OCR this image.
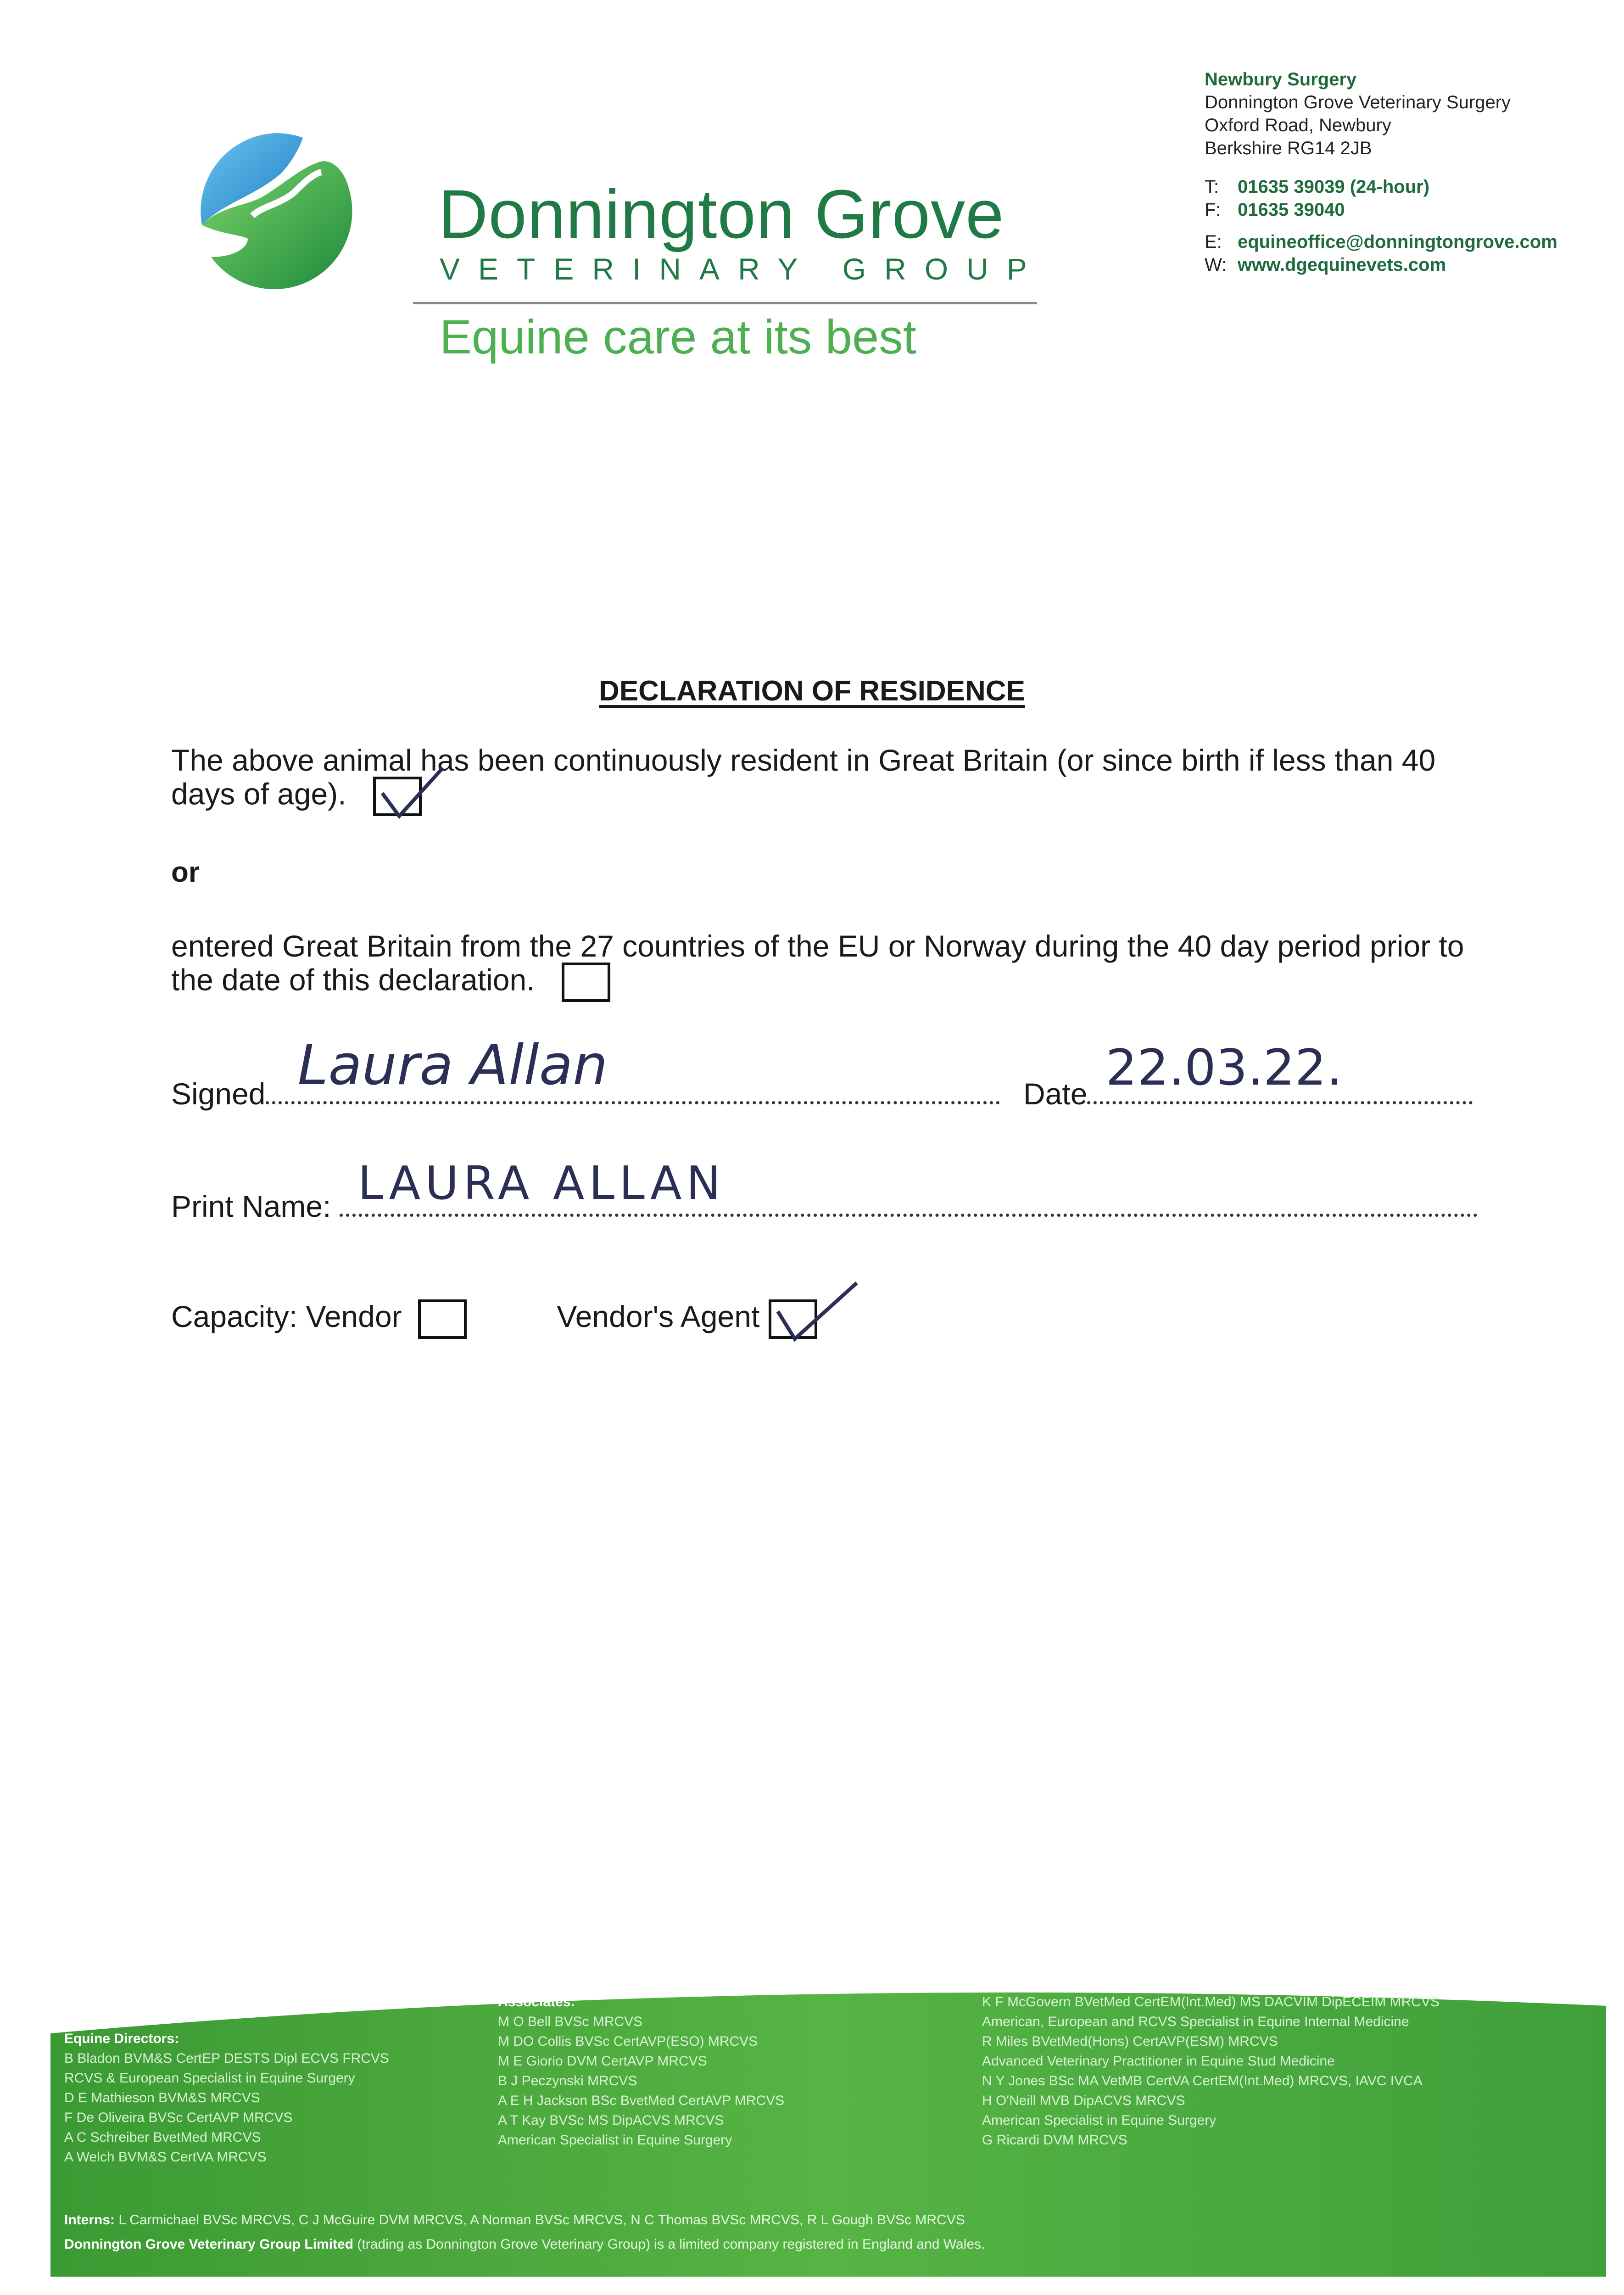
Donnington Grove
VETERINARY GROUP
Equine care at its best
Newbury Surgery
Donnington Grove Veterinary Surgery
Oxford Road, Newbury
Berkshire RG14 2JB
T: 01635 39039 (24-hour)
F: 01635 39040
E: equineoffice@donningtongrove.com
W: www.dgequinevets.com
DECLARATION OF RESIDENCE
The above animal has been continuously resident in Great Britain (or since birth if less than 40 days of age).
or
entered Great Britain from the 27 countries of the EU or Norway during the 40 day period prior to the date of this declaration.
Signed Laura Allan	Date 22.03.22.
Print Name: LAURA ALLAN
Capacity: Vendor	Vendor's Agent
Equine Directors:
B Bladon BVM&S CertEP DESTS Dipl ECVS FRCVS
RCVS & European Specialist in Equine Surgery
D E Mathieson BVM&S MRCVS
F De Oliveira BVSc CertAVP MRCVS
A C Schreiber BvetMed MRCVS
A Welch BVM&S CertVA MRCVS
Associates:
M O Bell BVSc MRCVS
M DO Collis BVSc CertAVP(ESO) MRCVS
M E Giorio DVM CertAVP MRCVS
B J Peczynski MRCVS
A E H Jackson BSc BvetMed CertAVP MRCVS
A T Kay BVSc MS DipACVS MRCVS
American Specialist in Equine Surgery
K F McGovern BVetMed CertEM(Int.Med) MS DACVIM DipECEIM MRCVS
American, European and RCVS Specialist in Equine Internal Medicine
R Miles BVetMed(Hons) CertAVP(ESM) MRCVS
Advanced Veterinary Practitioner in Equine Stud Medicine
N Y Jones BSc MA VetMB CertVA CertEM(Int.Med) MRCVS, IAVC IVCA
H O'Neill MVB DipACVS MRCVS
American Specialist in Equine Surgery
G Ricardi DVM MRCVS
Interns: L Carmichael BVSc MRCVS, C J McGuire DVM MRCVS, A Norman BVSc MRCVS, N C Thomas BVSc MRCVS, R L Gough BVSc MRCVS
Donnington Grove Veterinary Group Limited (trading as Donnington Grove Veterinary Group) is a limited company registered in England and Wales.
